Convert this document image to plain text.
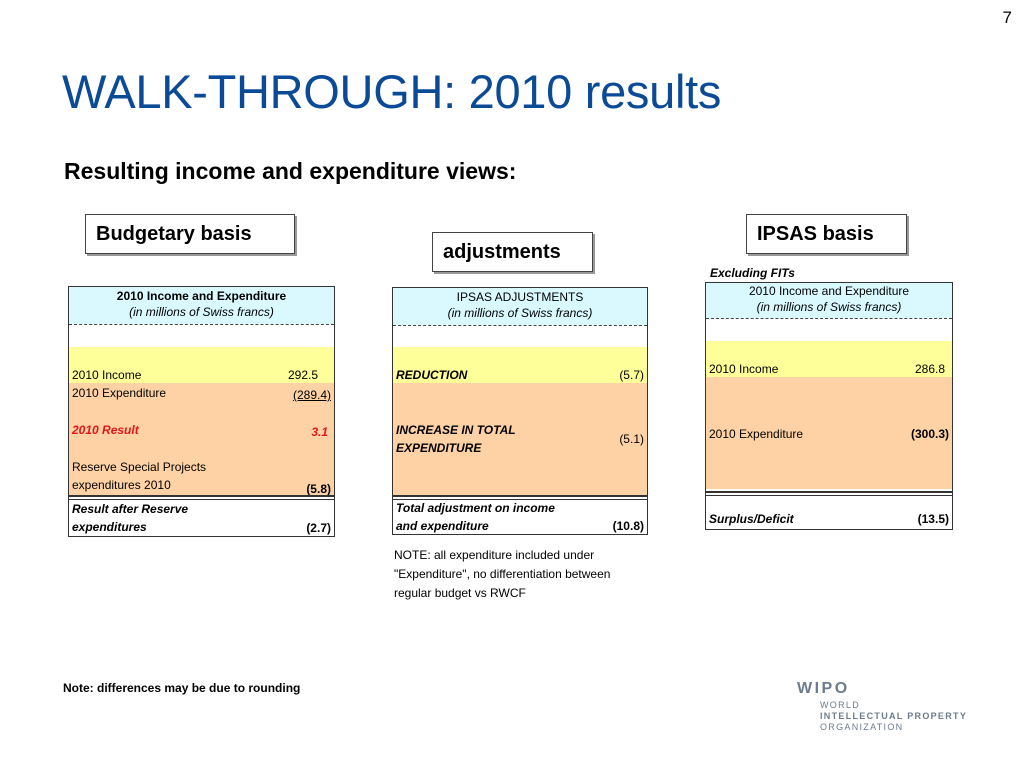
7
WALK-THROUGH: 2010 results
Resulting income and expenditure views:
Budgetary basis
adjustments
IPSAS basis
2010 Income and Expenditure
(in millions of Swiss francs)
2010 Income	292.5
2010 Expenditure	(289.4)
2010 Result	3.1
Reserve Special Projects
expenditures 2010	(5.8)
Result after Reserve
expenditures	(2.7)
IPSAS ADJUSTMENTS
(in millions of Swiss francs)
REDUCTION	(5.7)
INCREASE IN TOTAL
EXPENDITURE
(5.1)
Total adjustment on income
and expenditure	(10.8)
NOTE: all expenditure included under
"Expenditure", no differentiation between
regular budget vs RWCF
Excluding FITs
2010 Income and Expenditure
(in millions of Swiss francs)
2010 Income	286.8
2010 Expenditure	(300.3)
Surplus/Deficit	(13.5)
Note: differences may be due to rounding	WIPO
WORLD
INTELLECTUAL PROPERTY
ORGANIZATION
